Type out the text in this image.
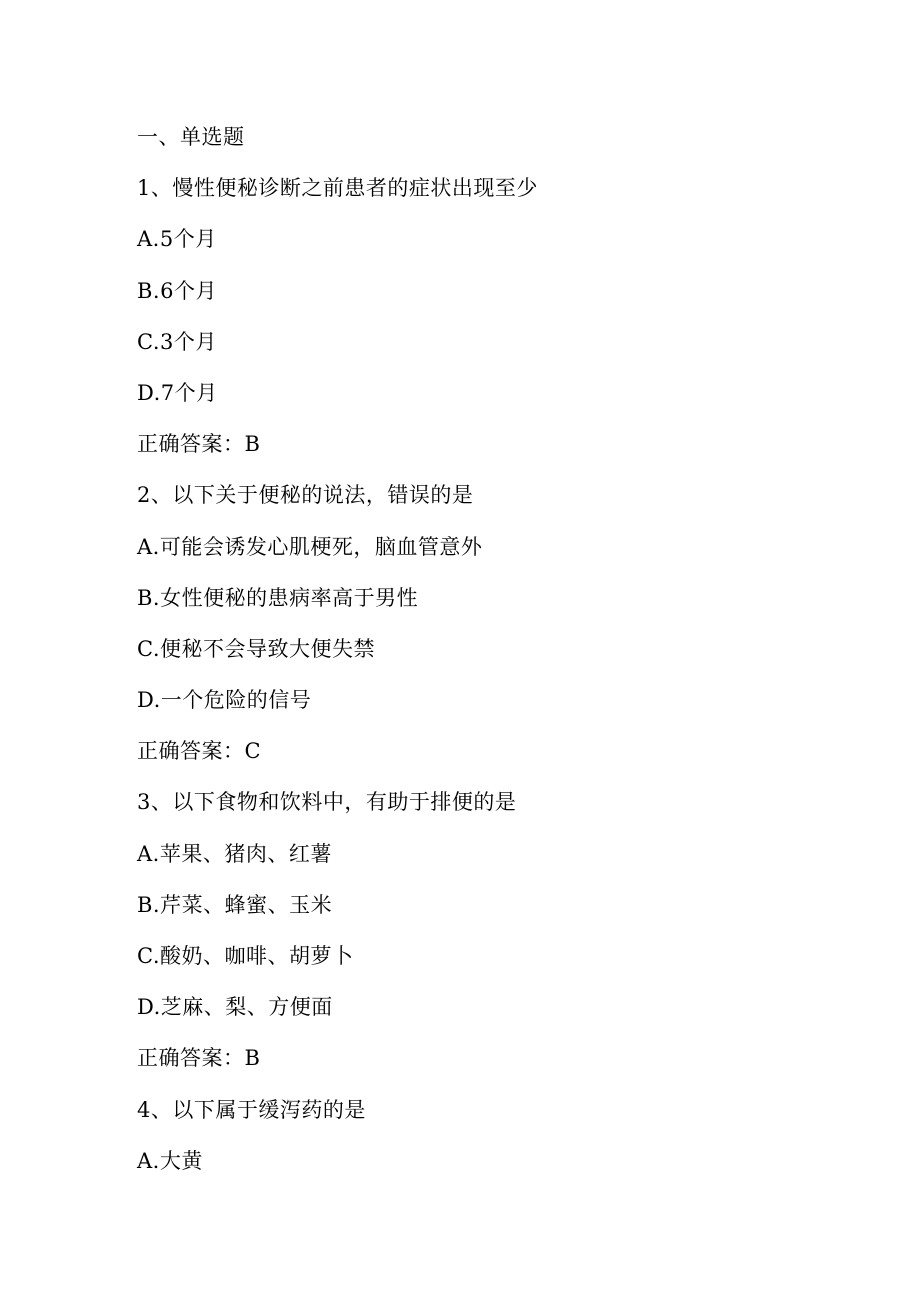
一、单选题
1、慢性便秘诊断之前患者的症状出现至少
A.5个月
B.6个月
C.3个月
D.7个月
正确答案：B
2、以下关于便秘的说法，错误的是
A.可能会诱发心肌梗死，脑血管意外
B.女性便秘的患病率高于男性
C.便秘不会导致大便失禁
D.一个危险的信号
正确答案：C
3、以下食物和饮料中，有助于排便的是
A.苹果、猪肉、红薯
B.芹菜、蜂蜜、玉米
C.酸奶、咖啡、胡萝卜
D.芝麻、梨、方便面
正确答案：B
4、以下属于缓泻药的是
A.大黄
